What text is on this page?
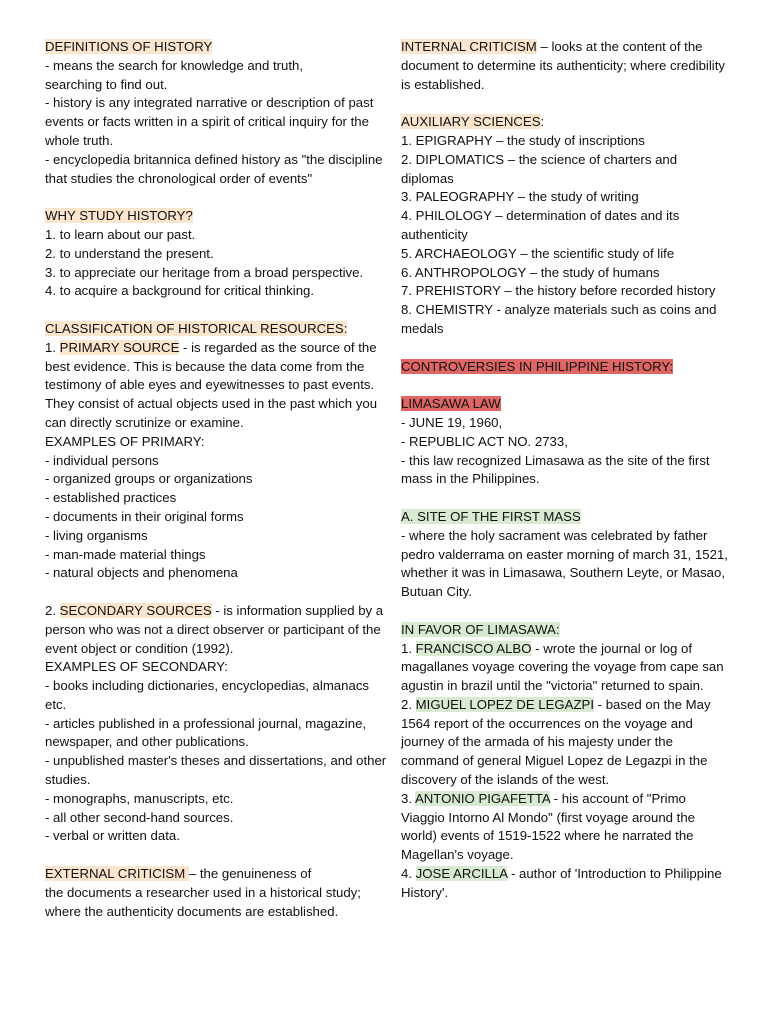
DEFINITIONS OF HISTORY
- means the search for knowledge and truth,
searching to find out.
- history is any integrated narrative or description of past events or facts written in a spirit of critical inquiry for the whole truth.
- encyclopedia britannica defined history as "the discipline that studies the chronological order of events"
WHY STUDY HISTORY?
1. to learn about our past.
2. to understand the present.
3. to appreciate our heritage from a broad perspective.
4. to acquire a background for critical thinking.
CLASSIFICATION OF HISTORICAL RESOURCES:
1. PRIMARY SOURCE - is regarded as the source of the best evidence. This is because the data come from the testimony of able eyes and eyewitnesses to past events. They consist of actual objects used in the past which you can directly scrutinize or examine.
EXAMPLES OF PRIMARY:
- individual persons
- organized groups or organizations
- established practices
- documents in their original forms
- living organisms
- man-made material things
- natural objects and phenomena
2. SECONDARY SOURCES - is information supplied by a person who was not a direct observer or participant of the event object or condition (1992).
EXAMPLES OF SECONDARY:
- books including dictionaries, encyclopedias, almanacs etc.
- articles published in a professional journal, magazine, newspaper, and other publications.
- unpublished master's theses and dissertations, and other studies.
- monographs, manuscripts, etc.
- all other second-hand sources.
- verbal or written data.
EXTERNAL CRITICISM – the genuineness of
the documents a researcher used in a historical study; where the authenticity documents are established.
INTERNAL CRITICISM – looks at the content of the document to determine its authenticity; where credibility is established.
AUXILIARY SCIENCES:
1. EPIGRAPHY – the study of inscriptions
2. DIPLOMATICS – the science of charters and diplomas
3. PALEOGRAPHY – the study of writing
4. PHILOLOGY – determination of dates and its authenticity
5. ARCHAEOLOGY – the scientific study of life
6. ANTHROPOLOGY – the study of humans
7. PREHISTORY – the history before recorded history
8. CHEMISTRY - analyze materials such as coins and medals
CONTROVERSIES IN PHILIPPINE HISTORY:
LIMASAWA LAW
- JUNE 19, 1960,
- REPUBLIC ACT NO. 2733,
- this law recognized Limasawa as the site of the first mass in the Philippines.
A. SITE OF THE FIRST MASS
- where the holy sacrament was celebrated by father pedro valderrama on easter morning of march 31, 1521, whether it was in Limasawa, Southern Leyte, or Masao, Butuan City.
IN FAVOR OF LIMASAWA:
1. FRANCISCO ALBO - wrote the journal or log of magallanes voyage covering the voyage from cape san agustin in brazil until the "victoria" returned to spain.
2. MIGUEL LOPEZ DE LEGAZPI - based on the May 1564 report of the occurrences on the voyage and journey of the armada of his majesty under the command of general Miguel Lopez de Legazpi in the discovery of the islands of the west.
3. ANTONIO PIGAFETTA - his account of "Primo Viaggio Intorno Al Mondo" (first voyage around the world) events of 1519-1522 where he narrated the Magellan's voyage.
4. JOSE ARCILLA - author of 'Introduction to Philippine History'.
